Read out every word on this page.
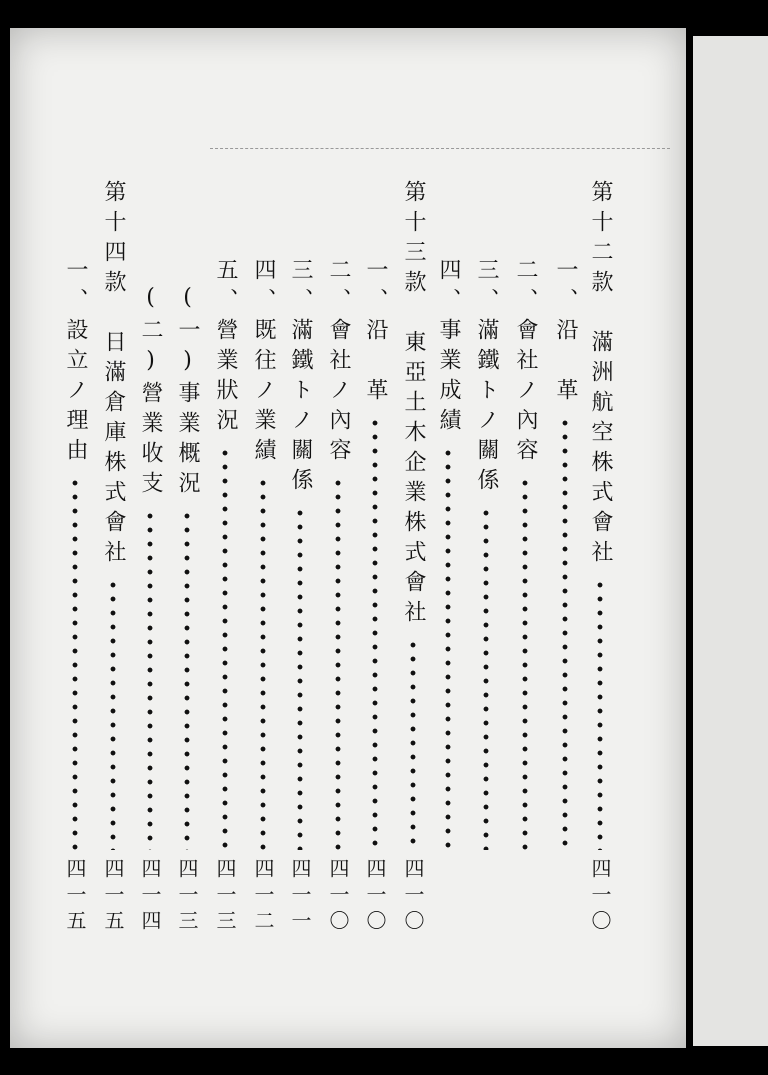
第十二款　滿洲航空株式會社
四一〇
一、沿　革
二、會社ノ內容
三、滿鐵トノ關係
四、事業成績
第十三款　東亞土木企業株式會社
四一〇
一、沿　革
四一〇
二、會社ノ內容
四一〇
三、滿鐵トノ關係
四一一
四、既往ノ業績
四一二
五、營業狀況
四一三
(一)事業概況
四一三
(二)營業收支
四一四
第十四款　日滿倉庫株式會社
四一五
一、設立ノ理由
四一五
